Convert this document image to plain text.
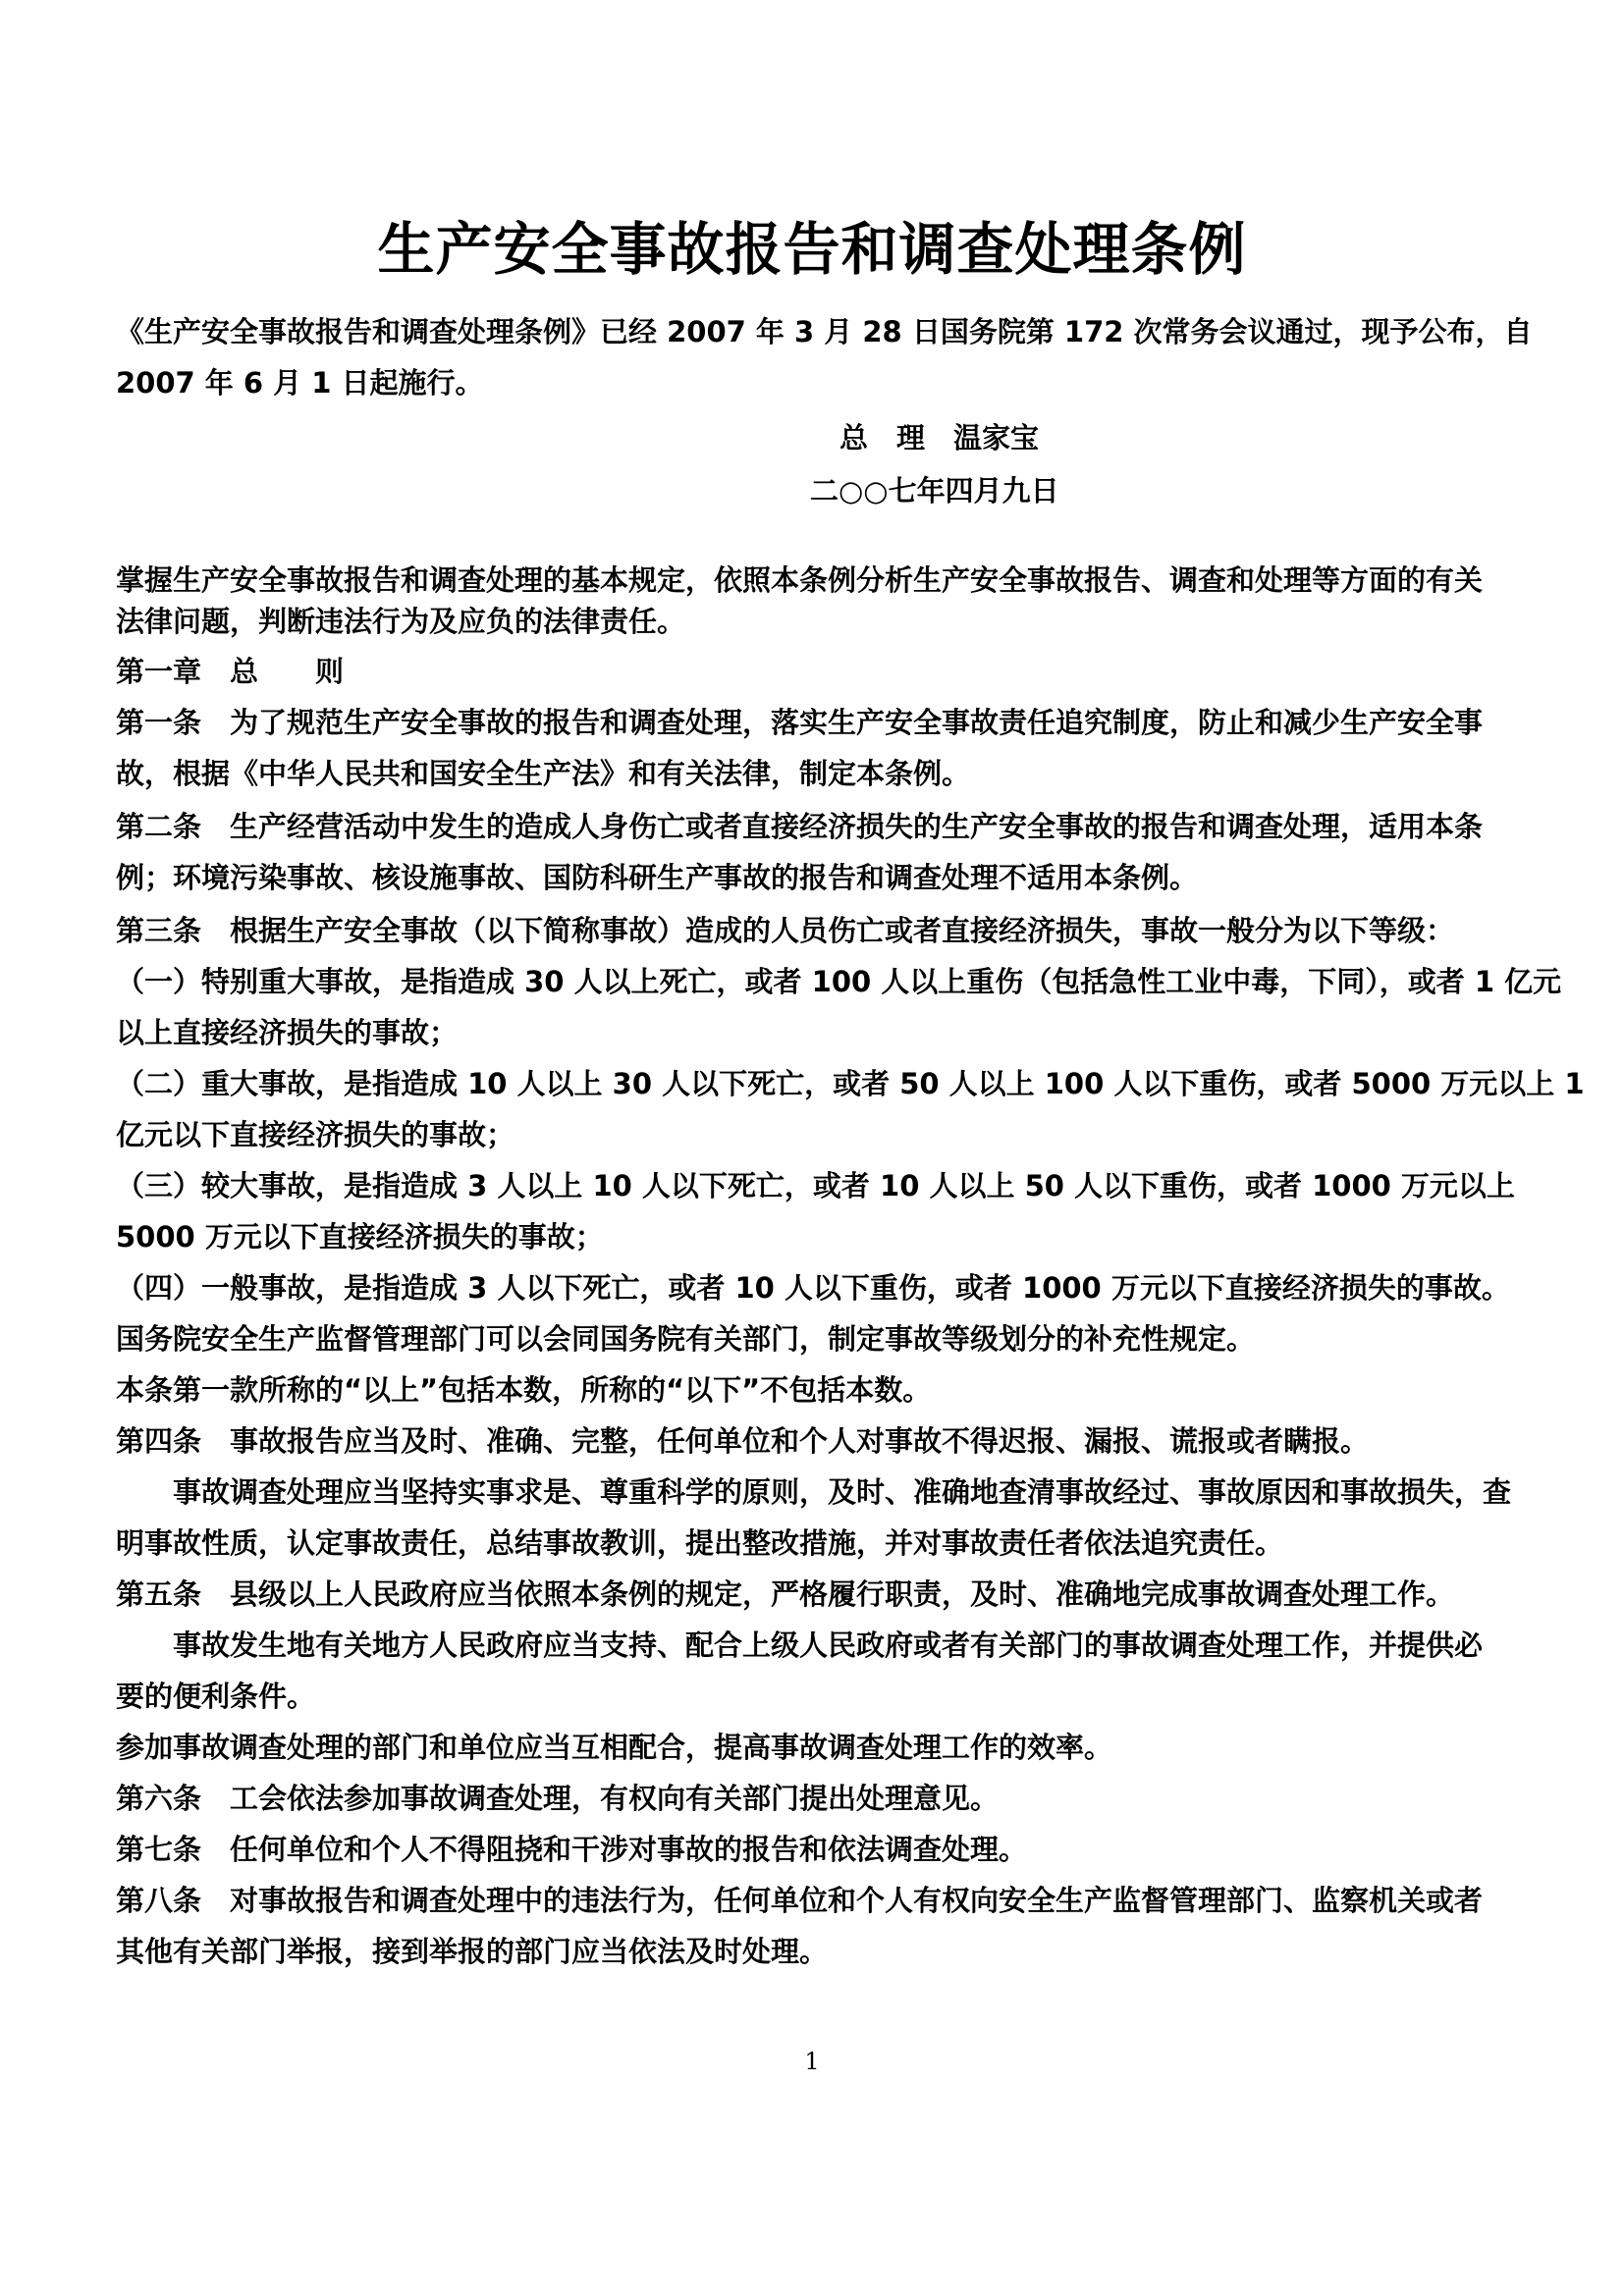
生产安全事故报告和调查处理条例
《生产安全事故报告和调查处理条例》已经 2007 年 3 月 28 日国务院第 172 次常务会议通过，现予公布，自
2007 年 6 月 1 日起施行。
总　理　温家宝
二○○七年四月九日
掌握生产安全事故报告和调查处理的基本规定，依照本条例分析生产安全事故报告、调查和处理等方面的有关
法律问题，判断违法行为及应负的法律责任。
第一章　总　　则
第一条　为了规范生产安全事故的报告和调查处理，落实生产安全事故责任追究制度，防止和减少生产安全事
故，根据《中华人民共和国安全生产法》和有关法律，制定本条例。
第二条　生产经营活动中发生的造成人身伤亡或者直接经济损失的生产安全事故的报告和调查处理，适用本条
例；环境污染事故、核设施事故、国防科研生产事故的报告和调查处理不适用本条例。
第三条　根据生产安全事故（以下简称事故）造成的人员伤亡或者直接经济损失，事故一般分为以下等级：
（一）特别重大事故，是指造成 30 人以上死亡，或者 100 人以上重伤（包括急性工业中毒，下同），或者 1 亿元
以上直接经济损失的事故；
（二）重大事故，是指造成 10 人以上 30 人以下死亡，或者 50 人以上 100 人以下重伤，或者 5000 万元以上 1
亿元以下直接经济损失的事故；
（三）较大事故，是指造成 3 人以上 10 人以下死亡，或者 10 人以上 50 人以下重伤，或者 1000 万元以上
5000 万元以下直接经济损失的事故；
（四）一般事故，是指造成 3 人以下死亡，或者 10 人以下重伤，或者 1000 万元以下直接经济损失的事故。
国务院安全生产监督管理部门可以会同国务院有关部门，制定事故等级划分的补充性规定。
本条第一款所称的“以上”包括本数，所称的“以下”不包括本数。
第四条　事故报告应当及时、准确、完整，任何单位和个人对事故不得迟报、漏报、谎报或者瞒报。
事故调查处理应当坚持实事求是、尊重科学的原则，及时、准确地查清事故经过、事故原因和事故损失，查
明事故性质，认定事故责任，总结事故教训，提出整改措施，并对事故责任者依法追究责任。
第五条　县级以上人民政府应当依照本条例的规定，严格履行职责，及时、准确地完成事故调查处理工作。
事故发生地有关地方人民政府应当支持、配合上级人民政府或者有关部门的事故调查处理工作，并提供必
要的便利条件。
参加事故调查处理的部门和单位应当互相配合，提高事故调查处理工作的效率。
第六条　工会依法参加事故调查处理，有权向有关部门提出处理意见。
第七条　任何单位和个人不得阻挠和干涉对事故的报告和依法调查处理。
第八条　对事故报告和调查处理中的违法行为，任何单位和个人有权向安全生产监督管理部门、监察机关或者
其他有关部门举报，接到举报的部门应当依法及时处理。
1
